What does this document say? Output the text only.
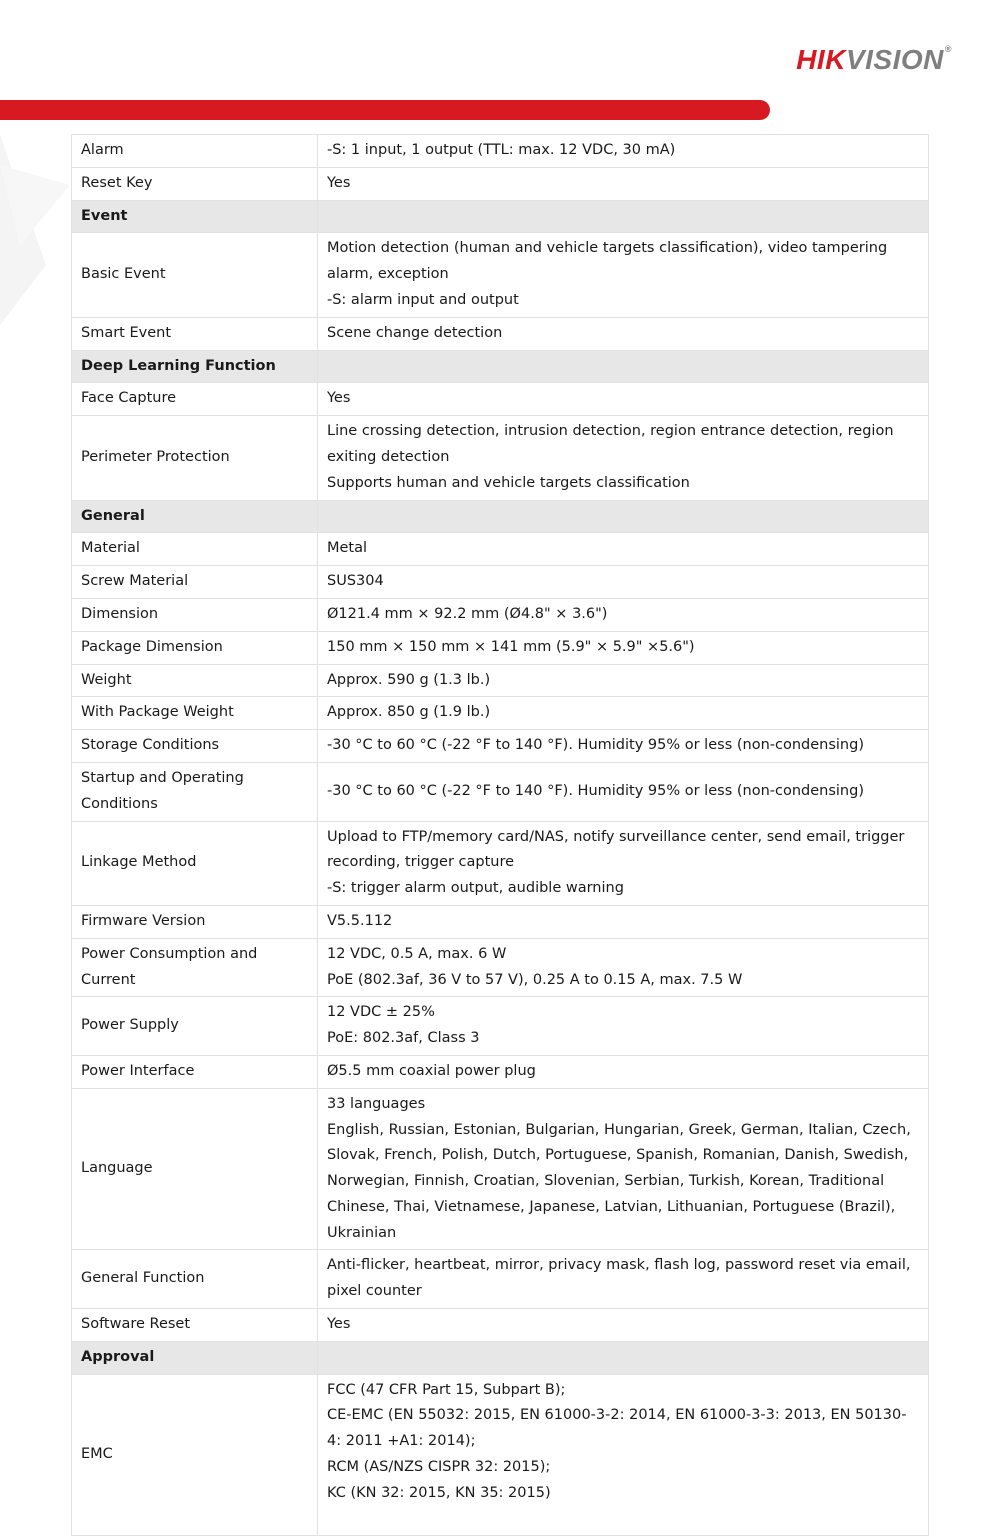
HIKVISION®
Alarm	-S: 1 input, 1 output (TTL: max. 12 VDC, 30 mA)

Reset Key	Yes

Event	
Basic Event	Motion detection (human and vehicle targets classification), video tampering alarm, exception
-S: alarm input and output

Smart Event	Scene change detection

Deep Learning Function	
Face Capture	Yes

Perimeter Protection	Line crossing detection, intrusion detection, region entrance detection, region exiting detection
Supports human and vehicle targets classification

General	
Material	Metal

Screw Material	SUS304

Dimension	Ø121.4 mm × 92.2 mm (Ø4.8" × 3.6")

Package Dimension	150 mm × 150 mm × 141 mm (5.9" × 5.9" ×5.6")

Weight	Approx. 590 g (1.3 lb.)

With Package Weight	Approx. 850 g (1.9 lb.)

Storage Conditions	-30 °C to 60 °C (-22 °F to 140 °F). Humidity 95% or less (non-condensing)

Startup and Operating Conditions	-30 °C to 60 °C (-22 °F to 140 °F). Humidity 95% or less (non-condensing)

Linkage Method	Upload to FTP/memory card/NAS, notify surveillance center, send email, trigger recording, trigger capture
-S: trigger alarm output, audible warning

Firmware Version	V5.5.112

Power Consumption and Current	12 VDC, 0.5 A, max. 6 W
PoE (802.3af, 36 V to 57 V), 0.25 A to 0.15 A, max. 7.5 W

Power Supply	12 VDC ± 25%
PoE: 802.3af, Class 3

Power Interface	Ø5.5 mm coaxial power plug

Language	33 languages
English, Russian, Estonian, Bulgarian, Hungarian, Greek, German, Italian, Czech, Slovak, French, Polish, Dutch, Portuguese, Spanish, Romanian, Danish, Swedish, Norwegian, Finnish, Croatian, Slovenian, Serbian, Turkish, Korean, Traditional Chinese, Thai, Vietnamese, Japanese, Latvian, Lithuanian, Portuguese (Brazil), Ukrainian

General Function	Anti-flicker, heartbeat, mirror, privacy mask, flash log, password reset via email, pixel counter

Software Reset	Yes

Approval	
EMC	FCC (47 CFR Part 15, Subpart B);
CE-EMC (EN 55032: 2015, EN 61000-3-2: 2014, EN 61000-3-3: 2013, EN 50130-4: 2011 +A1: 2014);
RCM (AS/NZS CISPR 32: 2015);
KC (KN 32: 2015, KN 35: 2015)
